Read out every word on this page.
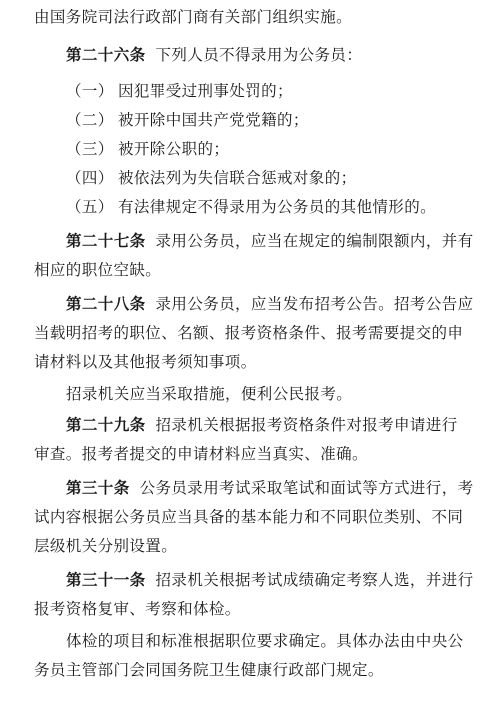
由国务院司法行政部门商有关部门组织实施。
第二十六条 下列人员不得录用为公务员：
（一） 因犯罪受过刑事处罚的；
（二） 被开除中国共产党党籍的；
（三） 被开除公职的；
（四） 被依法列为失信联合惩戒对象的；
（五） 有法律规定不得录用为公务员的其他情形的。
第二十七条 录用公务员，应当在规定的编制限额内，并有
相应的职位空缺。
第二十八条 录用公务员，应当发布招考公告。招考公告应
当载明招考的职位、名额、报考资格条件、报考需要提交的申
请材料以及其他报考须知事项。
招录机关应当采取措施，便利公民报考。
第二十九条 招录机关根据报考资格条件对报考申请进行
审查。报考者提交的申请材料应当真实、准确。
第三十条 公务员录用考试采取笔试和面试等方式进行，考
试内容根据公务员应当具备的基本能力和不同职位类别、不同
层级机关分别设置。
第三十一条 招录机关根据考试成绩确定考察人选，并进行
报考资格复审、考察和体检。
体检的项目和标准根据职位要求确定。具体办法由中央公
务员主管部门会同国务院卫生健康行政部门规定。
